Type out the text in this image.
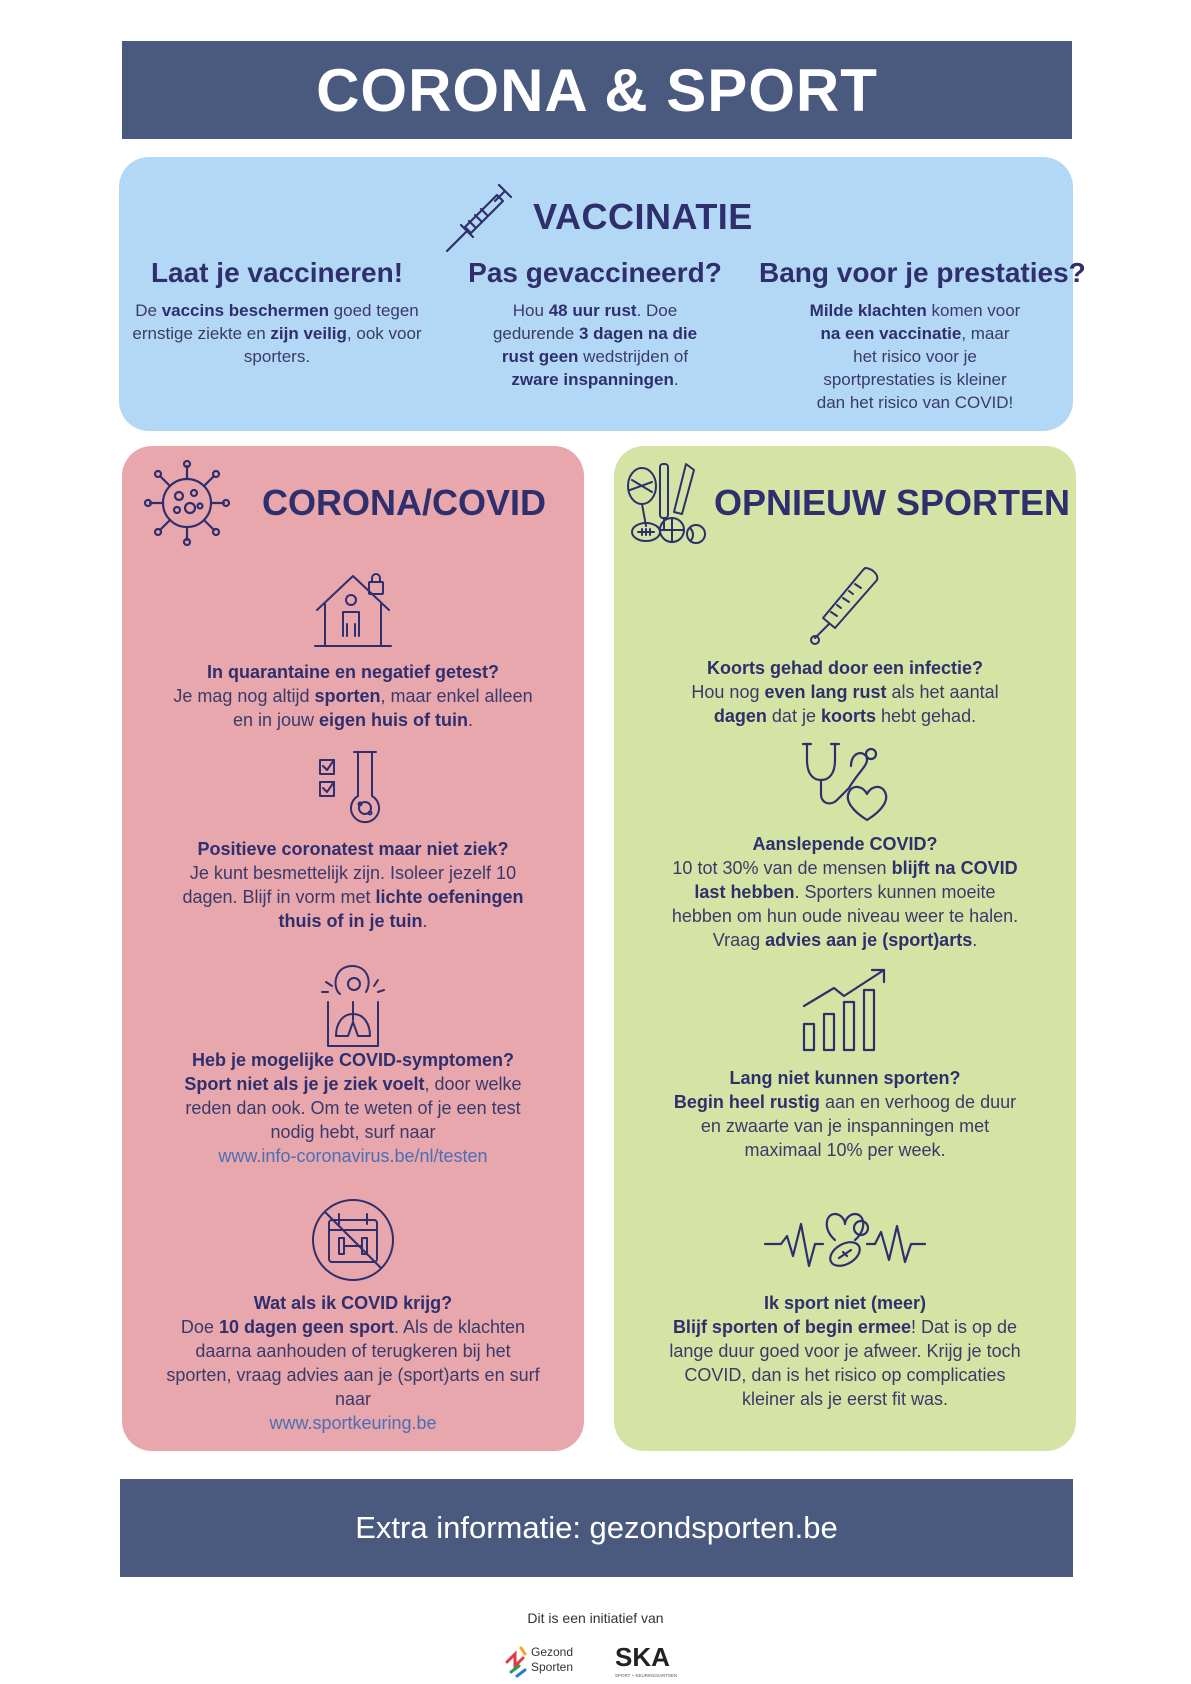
CORONA & SPORT
VACCINATIE
Laat je vaccineren!

De vaccins beschermen goed tegen ernstige ziekte en zijn veilig, ook voor sporters.

Pas gevaccineerd?

Hou 48 uur rust. Doe gedurende 3 dagen na die rust geen wedstrijden of zware inspanningen.

Bang voor je prestaties?

Milde klachten komen voor na een vaccinatie, maar het risico voor je sportprestaties is kleiner dan het risico van COVID!

CORONA/COVID
In quarantaine en negatief getest?
Je mag nog altijd sporten, maar enkel alleen en in jouw eigen huis of tuin.
Positieve coronatest maar niet ziek?
Je kunt besmettelijk zijn. Isoleer jezelf 10 dagen. Blijf in vorm met lichte oefeningen thuis of in je tuin.
Heb je mogelijke COVID-symptomen?
Sport niet als je je ziek voelt, door welke reden dan ook. Om te weten of je een test nodig hebt, surf naar
www.info-coronavirus.be/nl/testen
Wat als ik COVID krijg?
Doe 10 dagen geen sport. Als de klachten daarna aanhouden of terugkeren bij het sporten, vraag advies aan je (sport)arts en surf naar
www.sportkeuring.be
OPNIEUW SPORTEN
Koorts gehad door een infectie?
Hou nog even lang rust als het aantal dagen dat je koorts hebt gehad.
Aanslepende COVID?
10 tot 30% van de mensen blijft na COVID last hebben. Sporters kunnen moeite hebben om hun oude niveau weer te halen. Vraag advies aan je (sport)arts.
Lang niet kunnen sporten?
Begin heel rustig aan en verhoog de duur en zwaarte van je inspanningen met maximaal 10% per week.
Ik sport niet (meer)
Blijf sporten of begin ermee! Dat is op de lange duur goed voor je afweer. Krijg je toch COVID, dan is het risico op complicaties kleiner als je eerst fit was.
Extra informatie: gezondsporten.be
Dit is een initiatief van
Gezond
Sporten SKA
SPORT + KEURINGSARTSEN
